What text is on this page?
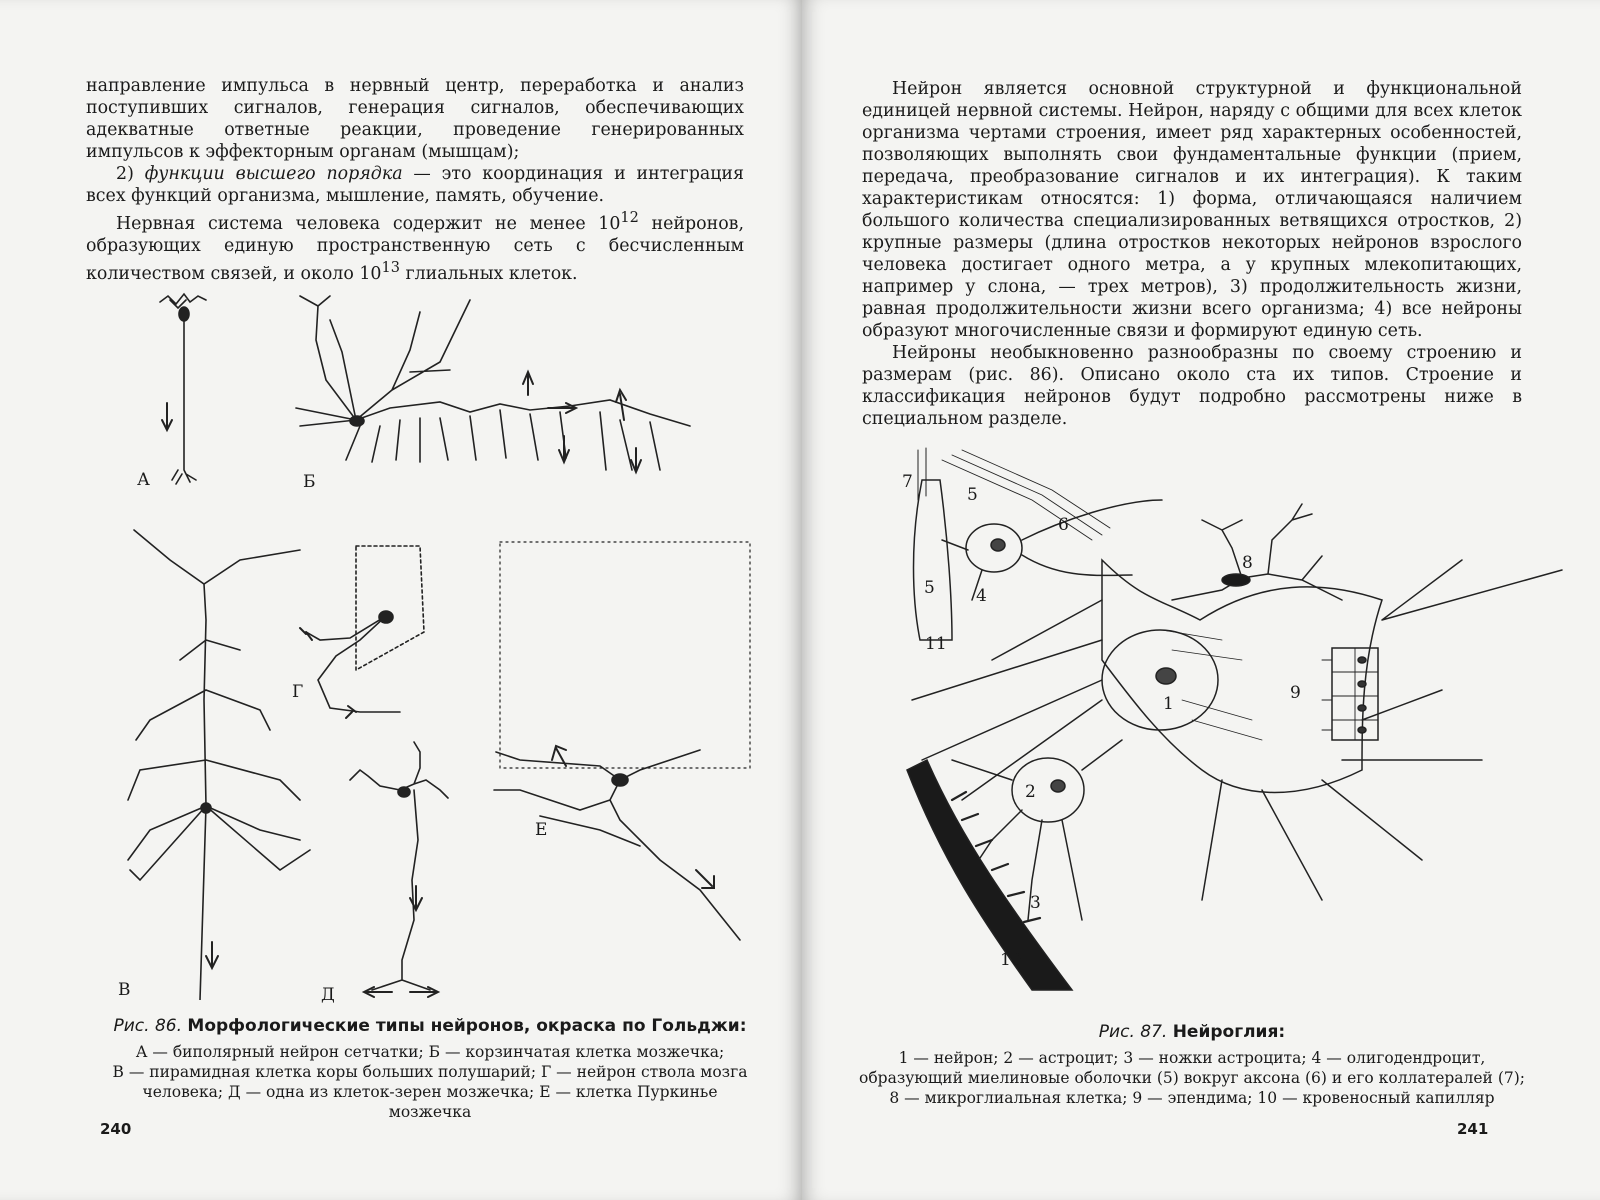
направление импульса в нервный центр, переработка и анализ поступивших сигналов, генерация сигналов, обеспечивающих адекватные ответные реакции, проведение генерированных импульсов к эффекторным органам (мышцам);

2) функции высшего порядка — это координация и интеграция всех функций организма, мышление, память, обучение.

Нервная система человека содержит не менее $10^{12}$ нейронов, образующих единую пространственную сеть с бесчисленным количеством связей, и около $10^{13}$ глиальных клеток.

А	Б
В
Г
Д
Е
Рис. 86. Морфологические типы нейронов, окраска по Гольджи:
А — биполярный нейрон сетчатки; Б — корзинчатая клетка мозжечка;
В — пирамидная клетка коры больших полушарий; Г — нейрон ствола мозга
человека; Д — одна из клеток-зерен мозжечка; Е — клетка Пуркинье мозжечка
240

Нейрон является основной структурной и функциональной единицей нервной системы. Нейрон, наряду с общими для всех клеток организма чертами строения, имеет ряд характерных особенностей, позволяющих выполнять свои фундаментальные функции (прием, передача, преобразование сигналов и их интеграция). К таким характеристикам относятся: 1) форма, отличающаяся наличием большого количества специализированных ветвящихся отростков, 2) крупные размеры (длина отростков некоторых нейронов взрослого человека достигает одного метра, а у крупных млекопитающих, например у слона, — трех метров), 3) продолжительность жизни, равная продолжительности жизни всего организма; 4) все нейроны образуют многочисленные связи и формируют единую сеть.

Нейроны необыкновенно разнообразны по своему строению и размерам (рис. 86). Описано около ста их типов. Строение и классификация нейронов будут подробно рассмотрены ниже в специальном разделе.

1
2
3
4
5
5
6
7
8
9
10
11
Рис. 87. Нейроглия:
1 — нейрон; 2 — астроцит; 3 — ножки астроцита; 4 — олигодендроцит,
образующий миелиновые оболочки (5) вокруг аксона (6) и его коллатералей (7);
8 — микроглиальная клетка; 9 — эпендима; 10 — кровеносный капилляр
241
